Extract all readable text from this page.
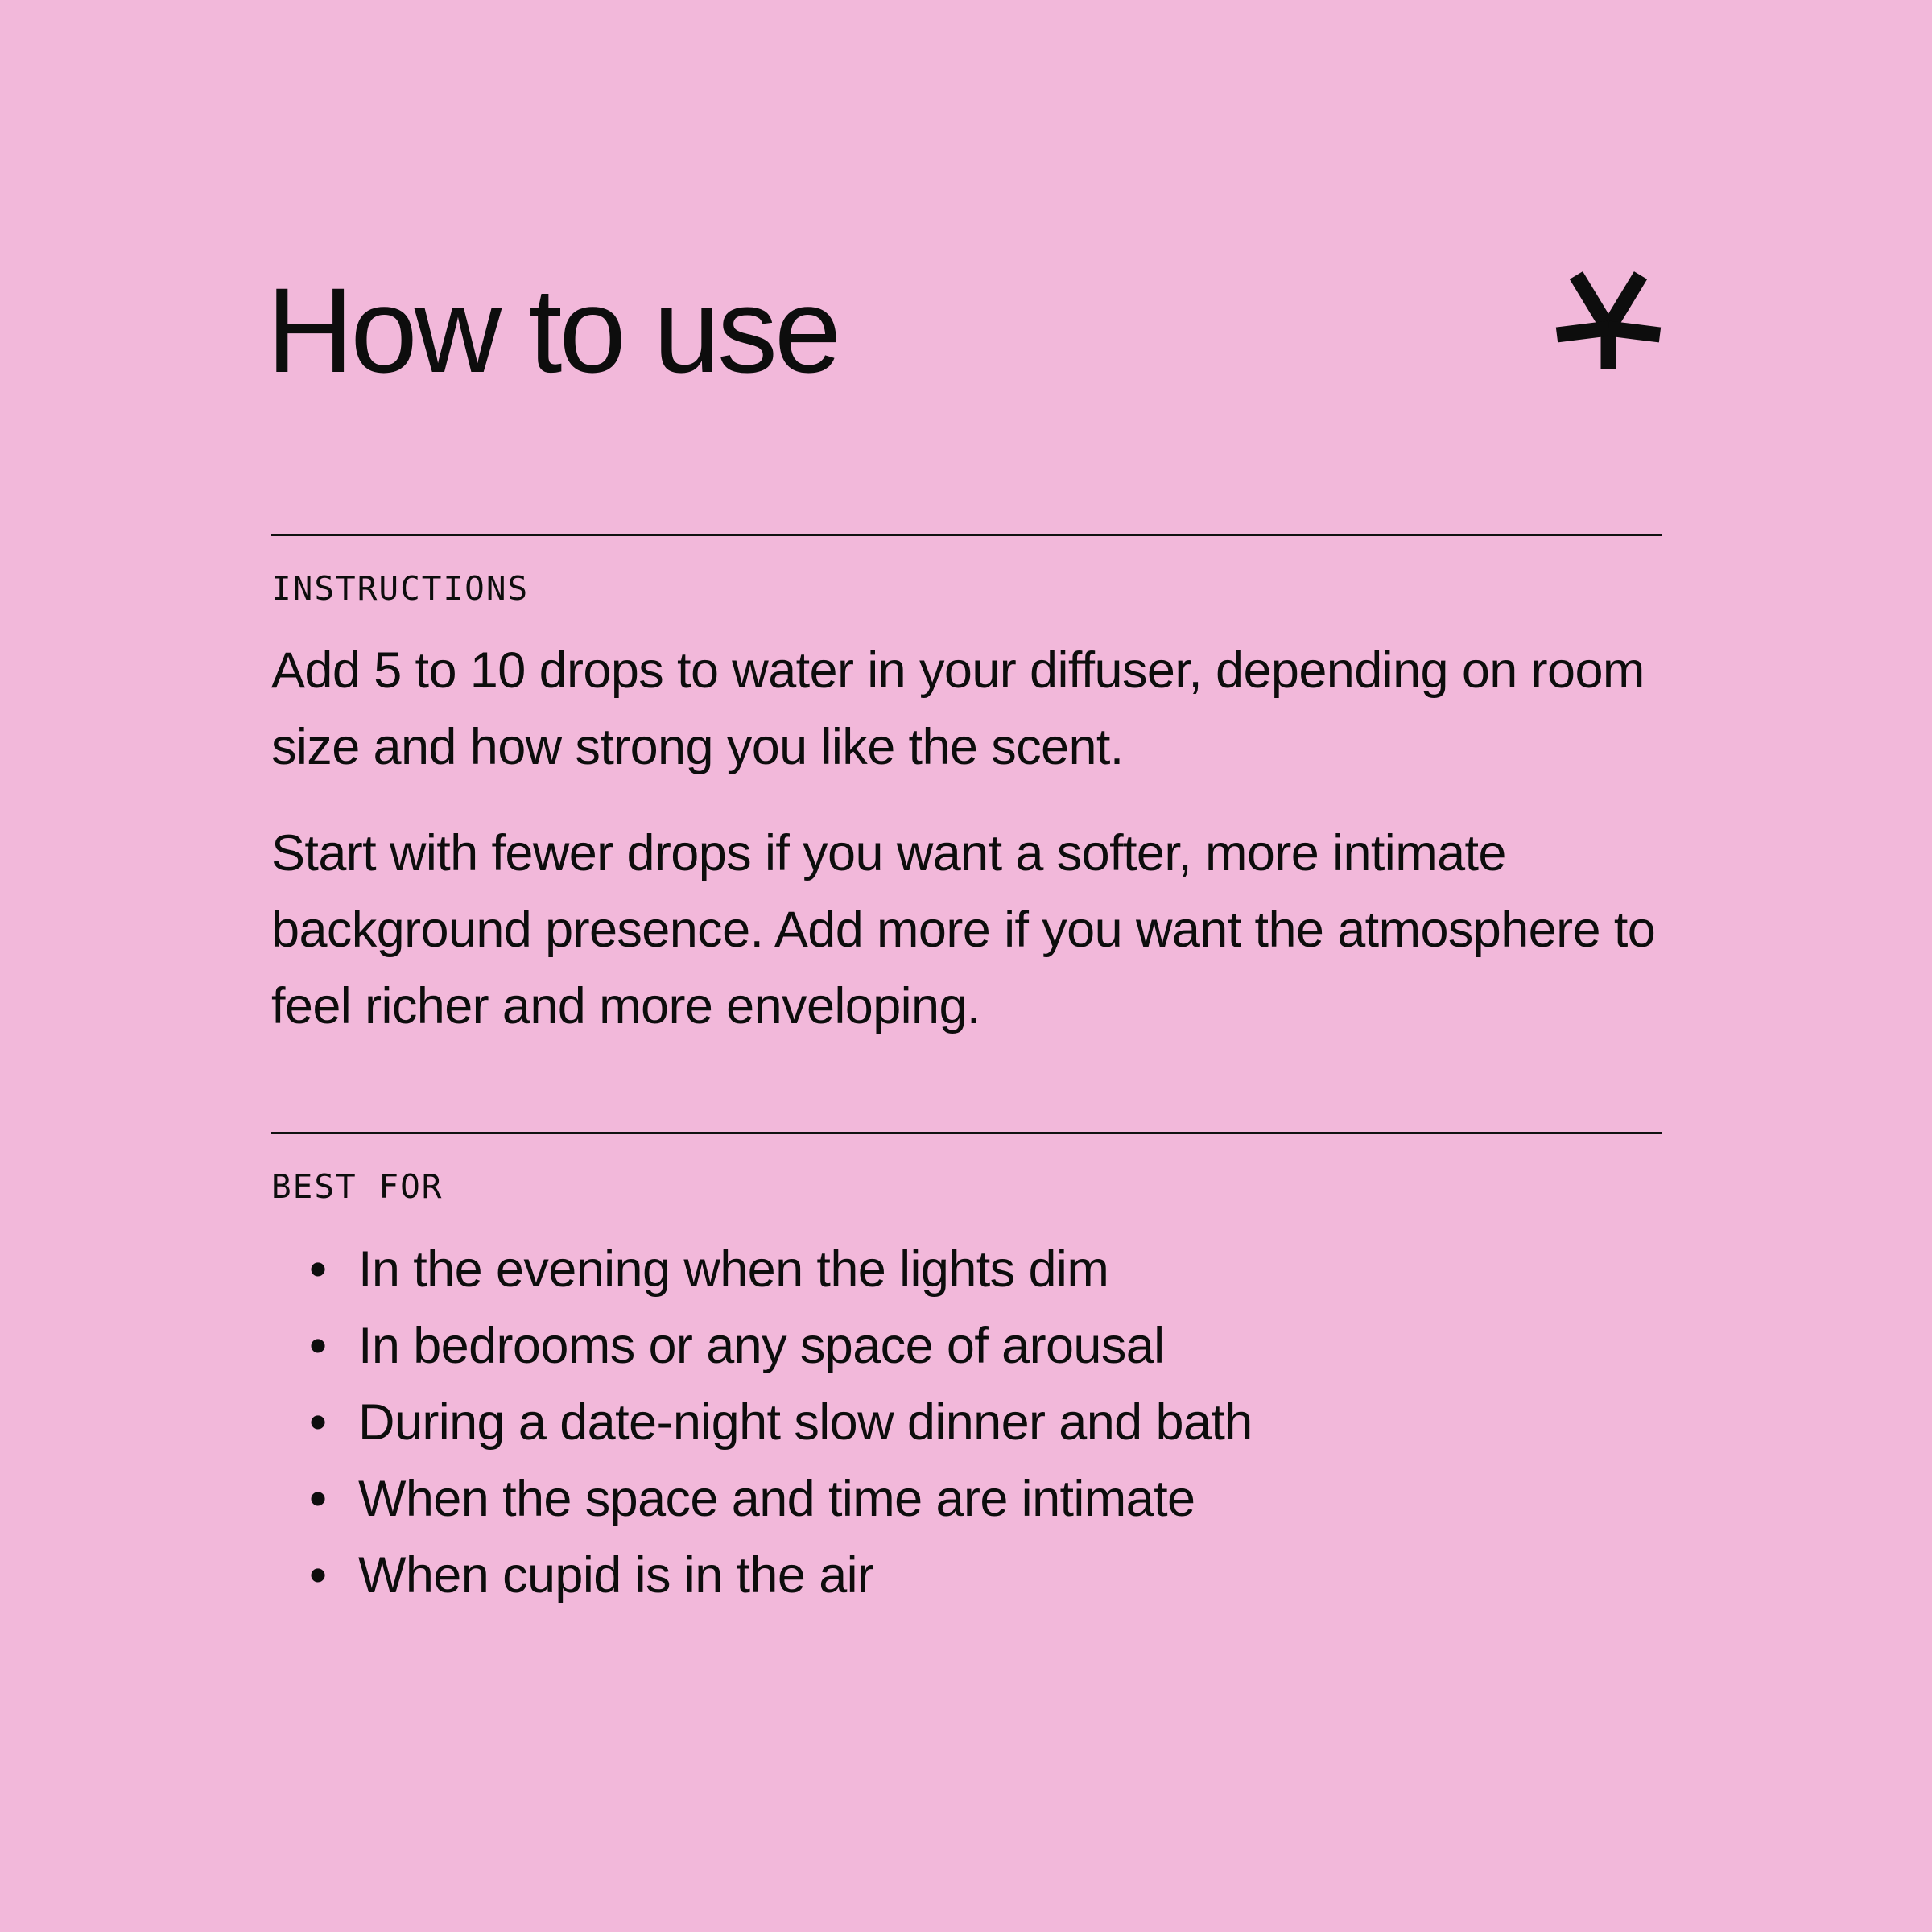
How to use
INSTRUCTIONS

Add 5 to 10 drops to water in your diffuser, depending on room size and how strong you like the scent.

Start with fewer drops if you want a softer, more intimate background presence. Add more if you want the atmosphere to feel richer and more enveloping.

BEST FOR
• In the evening when the lights dim
• In bedrooms or any space of arousal
• During a date-night slow dinner and bath
• When the space and time are intimate
• When cupid is in the air
